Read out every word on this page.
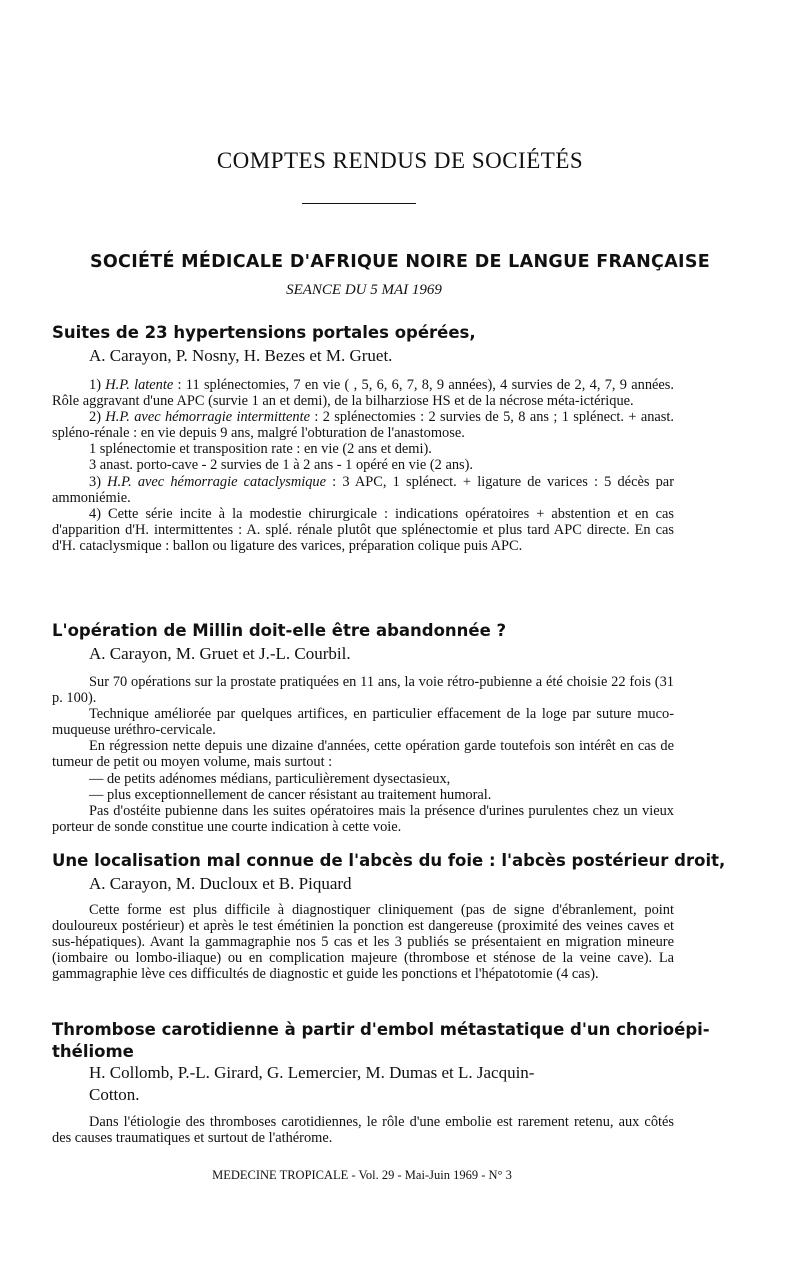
COMPTES RENDUS DE SOCIÉTÉS
SOCIÉTÉ MÉDICALE D'AFRIQUE NOIRE DE LANGUE FRANÇAISE
SEANCE DU 5 MAI 1969
Suites de 23 hypertensions portales opérées,
A. Carayon, P. Nosny, H. Bezes et M. Gruet.

1) H.P. latente : 11 splénectomies, 7 en vie ( , 5, 6, 6, 7, 8, 9 années), 4 survies de 2, 4, 7, 9 années. Rôle aggravant d'une APC (survie 1 an et demi), de la bilharziose HS et de la nécrose méta-ictérique.

2) H.P. avec hémorragie intermittente : 2 splénectomies : 2 survies de 5, 8 ans ; 1 splénect. + anast. spléno-rénale : en vie depuis 9 ans, malgré l'obturation de l'anastomose.

1 splénectomie et transposition rate : en vie (2 ans et demi).

3 anast. porto-cave - 2 survies de 1 à 2 ans - 1 opéré en vie (2 ans).

3) H.P. avec hémorragie cataclysmique : 3 APC, 1 splénect. + ligature de varices : 5 décès par ammoniémie.

4) Cette série incite à la modestie chirurgicale : indications opératoires + abstention et en cas d'apparition d'H. intermittentes : A. splé. rénale plutôt que splénectomie et plus tard APC directe. En cas d'H. cataclysmique : ballon ou ligature des varices, préparation colique puis APC.

L'opération de Millin doit-elle être abandonnée ?
A. Carayon, M. Gruet et J.-L. Courbil.

Sur 70 opérations sur la prostate pratiquées en 11 ans, la voie rétro-pubienne a été choisie 22 fois (31 p. 100).

Technique améliorée par quelques artifices, en particulier effacement de la loge par suture muco-muqueuse uréthro-cervicale.

En régression nette depuis une dizaine d'années, cette opération garde toutefois son intérêt en cas de tumeur de petit ou moyen volume, mais surtout :

— de petits adénomes médians, particulièrement dysectasieux,

— plus exceptionnellement de cancer résistant au traitement humoral.

Pas d'ostéite pubienne dans les suites opératoires mais la présence d'urines purulentes chez un vieux porteur de sonde constitue une courte indication à cette voie.

Une localisation mal connue de l'abcès du foie : l'abcès postérieur droit,
A. Carayon, M. Ducloux et B. Piquard

Cette forme est plus difficile à diagnostiquer cliniquement (pas de signe d'ébranlement, point douloureux postérieur) et après le test émétinien la ponction est dangereuse (proximité des veines caves et sus-hépatiques). Avant la gammagraphie nos 5 cas et les 3 publiés se présentaient en migration mineure (iombaire ou lombo-iliaque) ou en complication majeure (thrombose et sténose de la veine cave). La gammagraphie lève ces difficultés de diagnostic et guide les ponctions et l'hépatotomie (4 cas).

Thrombose carotidienne à partir d'embol métastatique d'un chorioépi-
théliome
H. Collomb, P.-L. Girard, G. Lemercier, M. Dumas et L. Jacquin-
Cotton.

Dans l'étiologie des thromboses carotidiennes, le rôle d'une embolie est rarement retenu, aux côtés des causes traumatiques et surtout de l'athérome.

MEDECINE TROPICALE - Vol. 29 - Mai-Juin 1969 - N° 3
